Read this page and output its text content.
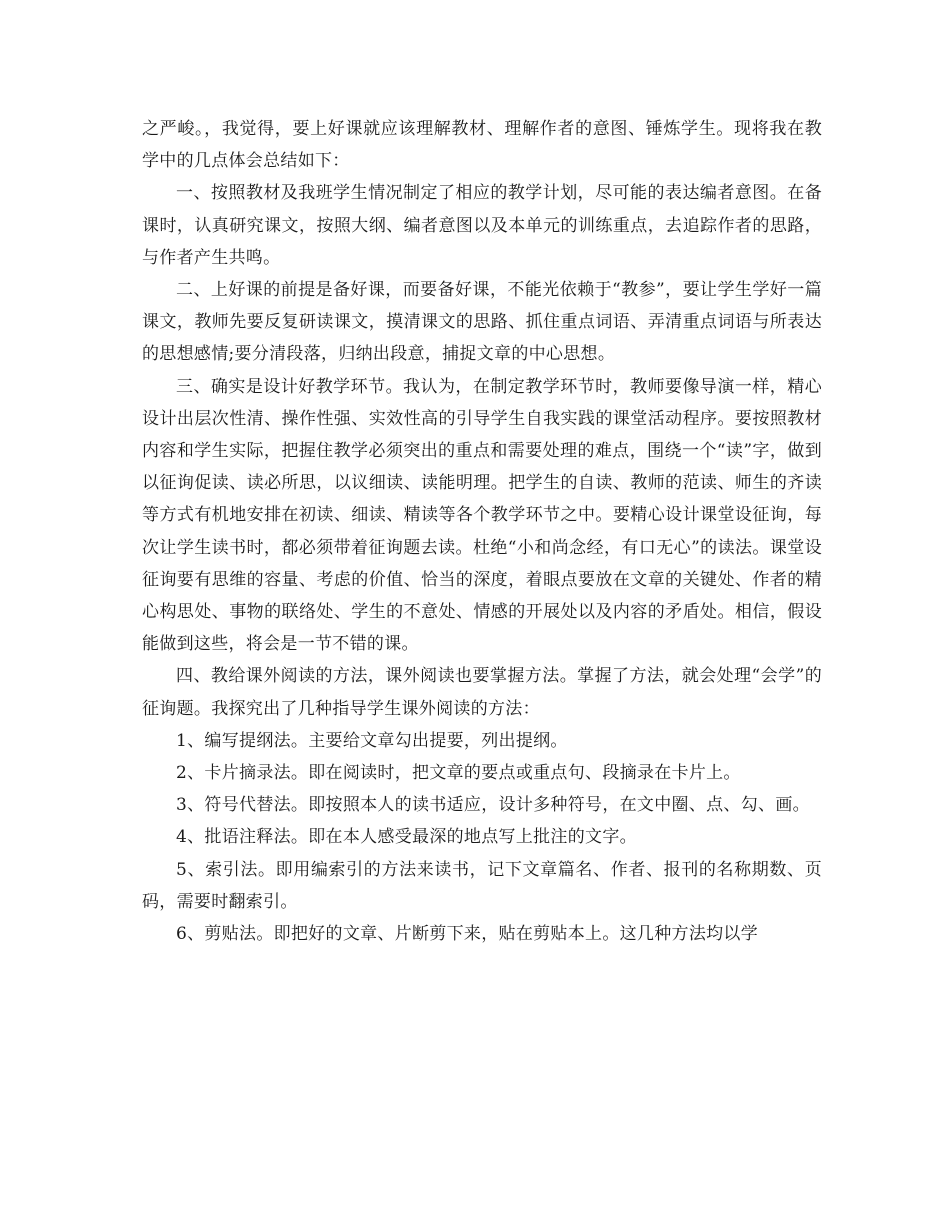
之严峻。，我觉得，要上好课就应该理解教材、理解作者的意图、锤炼学生。现将我在教学中的几点体会总结如下：

一、按照教材及我班学生情况制定了相应的教学计划，尽可能的表达编者意图。在备课时，认真研究课文，按照大纲、编者意图以及本单元的训练重点，去追踪作者的思路，与作者产生共鸣。

二、上好课的前提是备好课，而要备好课，不能光依赖于“教参”，要让学生学好一篇课文，教师先要反复研读课文，摸清课文的思路、抓住重点词语、弄清重点词语与所表达的思想感情;要分清段落，归纳出段意，捕捉文章的中心思想。

三、确实是设计好教学环节。我认为，在制定教学环节时，教师要像导演一样，精心设计出层次性清、操作性强、实效性高的引导学生自我实践的课堂活动程序。要按照教材内容和学生实际，把握住教学必须突出的重点和需要处理的难点，围绕一个“读”字，做到以征询促读、读必所思，以议细读、读能明理。把学生的自读、教师的范读、师生的齐读等方式有机地安排在初读、细读、精读等各个教学环节之中。要精心设计课堂设征询，每次让学生读书时，都必须带着征询题去读。杜绝“小和尚念经，有口无心”的读法。课堂设征询要有思维的容量、考虑的价值、恰当的深度，着眼点要放在文章的关键处、作者的精心构思处、事物的联络处、学生的不意处、情感的开展处以及内容的矛盾处。相信，假设能做到这些，将会是一节不错的课。

四、教给课外阅读的方法，课外阅读也要掌握方法。掌握了方法，就会处理“会学”的征询题。我探究出了几种指导学生课外阅读的方法：

1、编写提纲法。主要给文章勾出提要，列出提纲。

2、卡片摘录法。即在阅读时，把文章的要点或重点句、段摘录在卡片上。

3、符号代替法。即按照本人的读书适应，设计多种符号，在文中圈、点、勾、画。

4、批语注释法。即在本人感受最深的地点写上批注的文字。

5、索引法。即用编索引的方法来读书，记下文章篇名、作者、报刊的名称期数、页码，需要时翻索引。

6、剪贴法。即把好的文章、片断剪下来，贴在剪贴本上。这几种方法均以学
